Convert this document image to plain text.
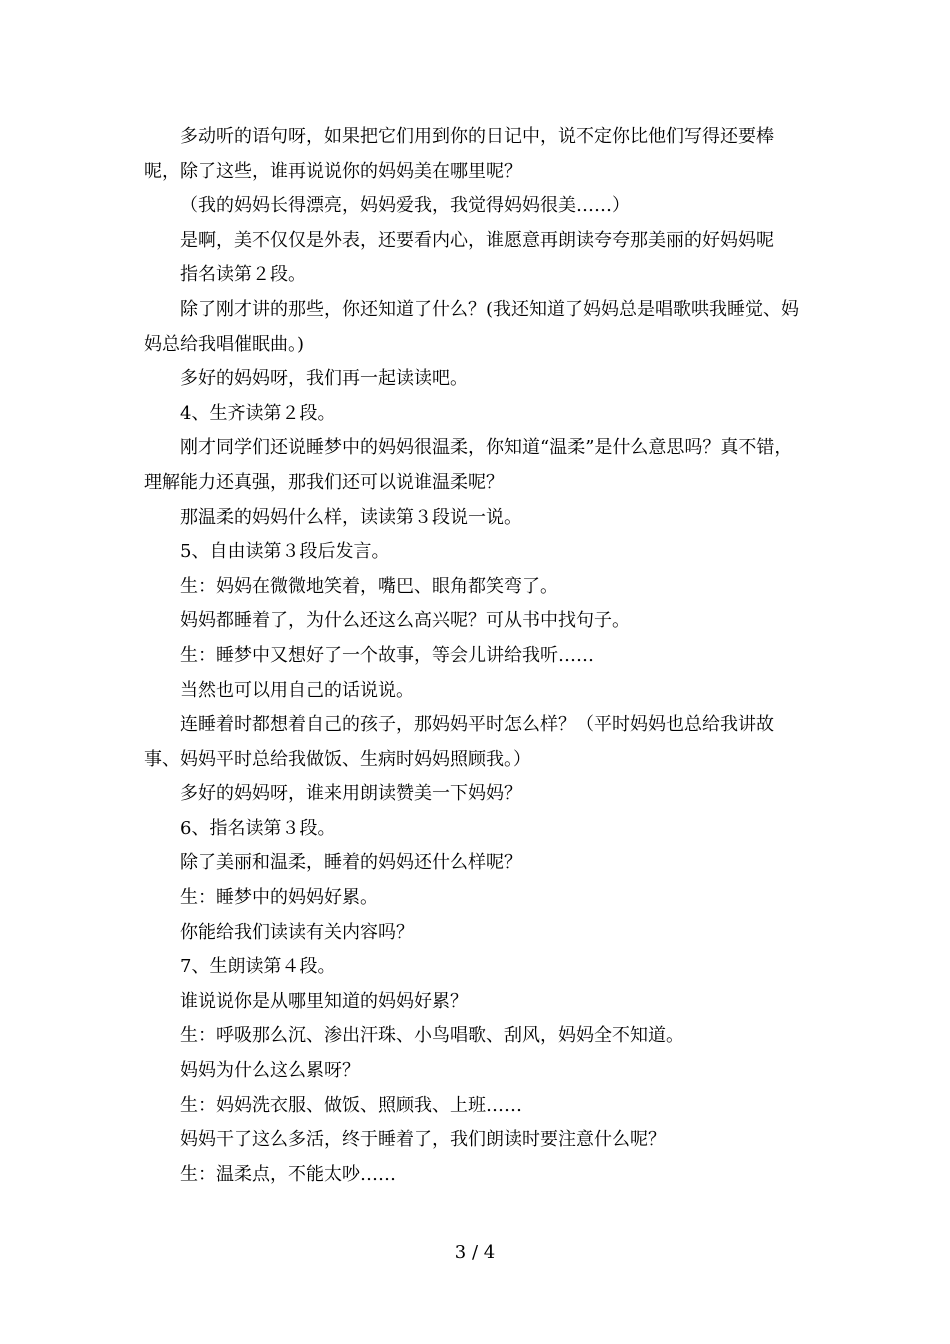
多动听的语句呀，如果把它们用到你的日记中，说不定你比他们写得还要棒呢，除了这些，谁再说说你的妈妈美在哪里呢？

（我的妈妈长得漂亮，妈妈爱我，我觉得妈妈很美……）

是啊，美不仅仅是外表，还要看内心，谁愿意再朗读夸夸那美丽的好妈妈呢

指名读第２段。

除了刚才讲的那些，你还知道了什么？(我还知道了妈妈总是唱歌哄我睡觉、妈妈总给我唱催眠曲。)

多好的妈妈呀，我们再一起读读吧。

4、生齐读第２段。

刚才同学们还说睡梦中的妈妈很温柔，你知道“温柔”是什么意思吗？真不错，理解能力还真强，那我们还可以说谁温柔呢？

那温柔的妈妈什么样，读读第３段说一说。

5、自由读第３段后发言。

生：妈妈在微微地笑着，嘴巴、眼角都笑弯了。

妈妈都睡着了，为什么还这么高兴呢？可从书中找句子。

生：睡梦中又想好了一个故事，等会儿讲给我听……

当然也可以用自己的话说说。

连睡着时都想着自己的孩子，那妈妈平时怎么样？（平时妈妈也总给我讲故事、妈妈平时总给我做饭、生病时妈妈照顾我。）

多好的妈妈呀，谁来用朗读赞美一下妈妈？

6、指名读第３段。

除了美丽和温柔，睡着的妈妈还什么样呢？

生：睡梦中的妈妈好累。

你能给我们读读有关内容吗？

7、生朗读第４段。

谁说说你是从哪里知道的妈妈好累？

生：呼吸那么沉、渗出汗珠、小鸟唱歌、刮风，妈妈全不知道。

妈妈为什么这么累呀？

生：妈妈洗衣服、做饭、照顾我、上班……

妈妈干了这么多活，终于睡着了，我们朗读时要注意什么呢？

生：温柔点，不能太吵……

3 / 4
